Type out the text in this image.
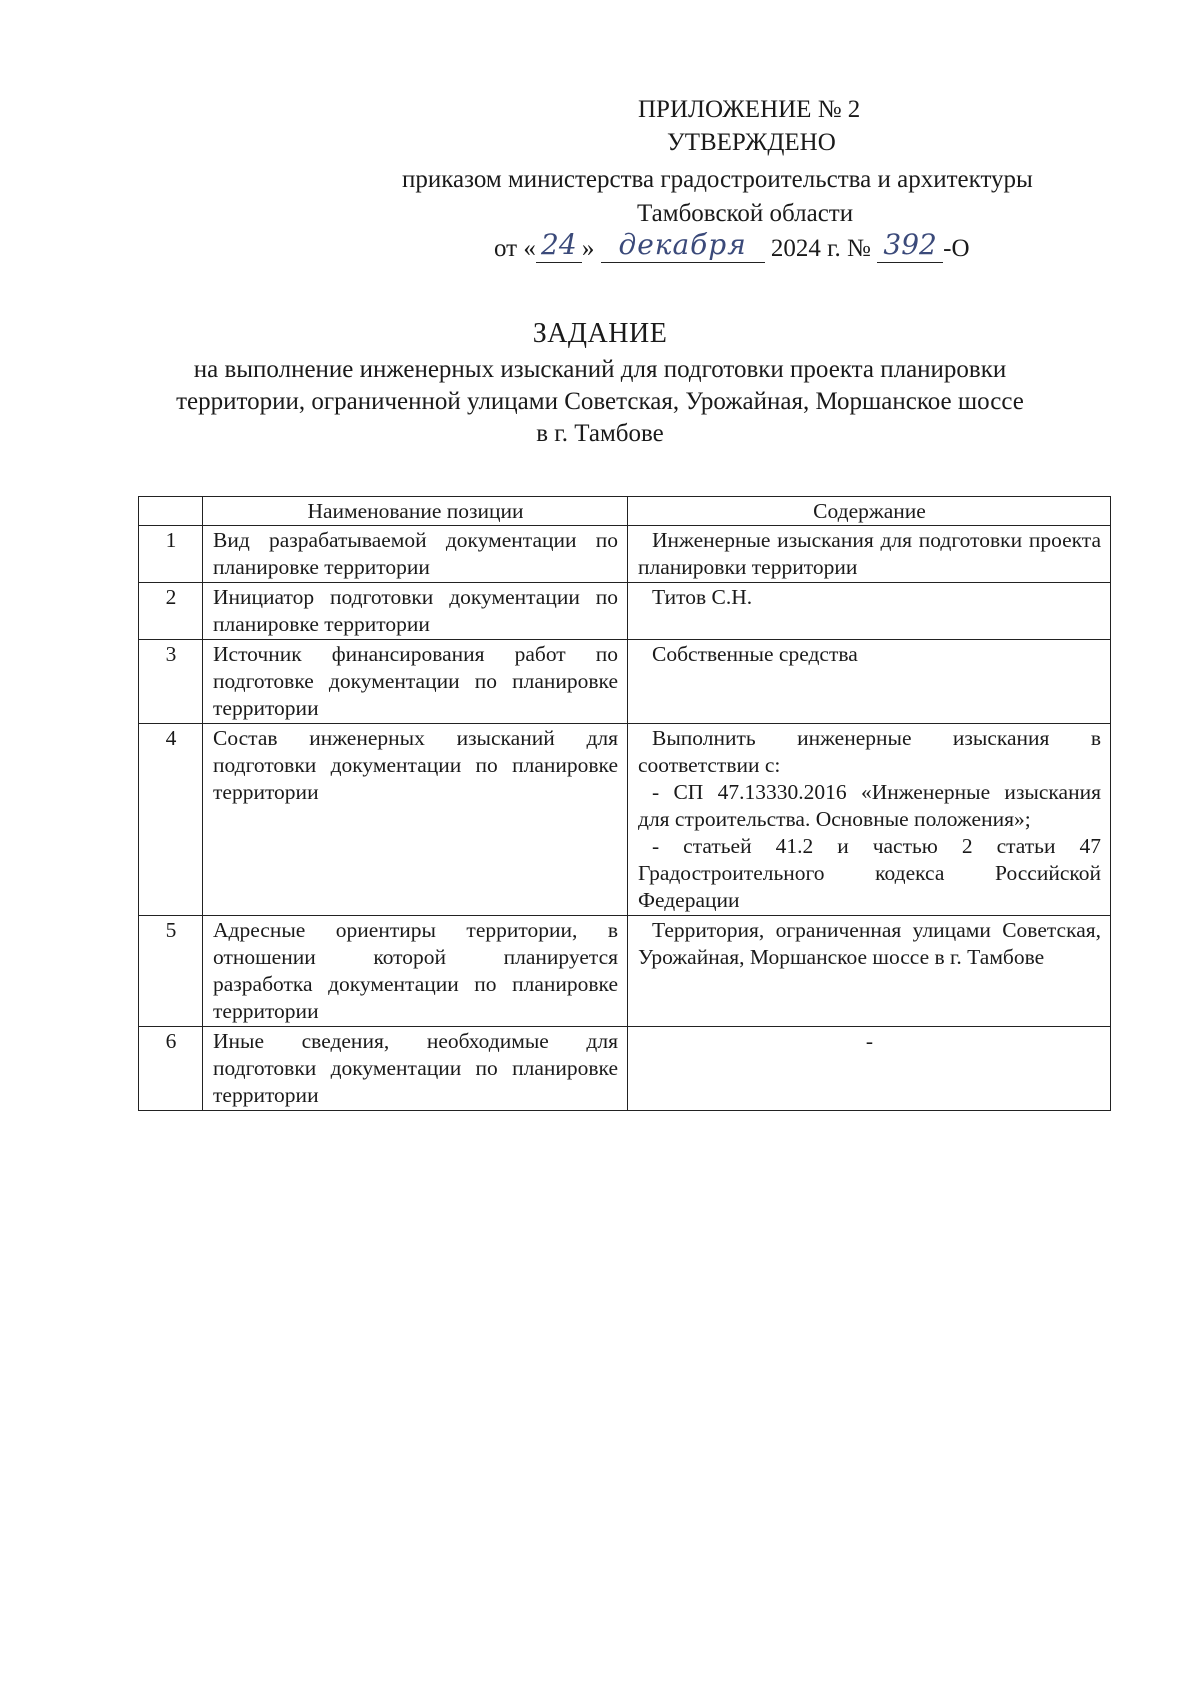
ПРИЛОЖЕНИЕ № 2
УТВЕРЖДЕНО
приказом министерства градостроительства и архитектуры
Тамбовской области
от « 24 » декабря 2024 г. № 392 -О
ЗАДАНИЕ
на выполнение инженерных изысканий для подготовки проекта планировки
территории, ограниченной улицами Советская, Урожайная, Моршанское шоссе
в г. Тамбове
	Наименование позиции	Содержание
1	Вид разрабатываемой документации по планировке территории	Инженерные изыскания для подготовки проекта планировки территории

2	Инициатор подготовки документации по планировке территории	Титов С.Н.

3	Источник финансирования работ по подготовке документации по планировке территории	Собственные средства

4	Состав инженерных изысканий для подготовки документации по планировке территории	Выполнить инженерные изыскания в соответствии с:
- СП 47.13330.2016 «Инженерные изыскания для строительства. Основные положения»;
- статьей 41.2 и частью 2 статьи 47 Градостроительного кодекса Российской Федерации

5	Адресные ориентиры территории, в отношении которой планируется разработка документации по планировке территории	Территория, ограниченная улицами Советская, Урожайная, Моршанское шоссе в г. Тамбове

6	Иные сведения, необходимые для подготовки документации по планировке территории	-
